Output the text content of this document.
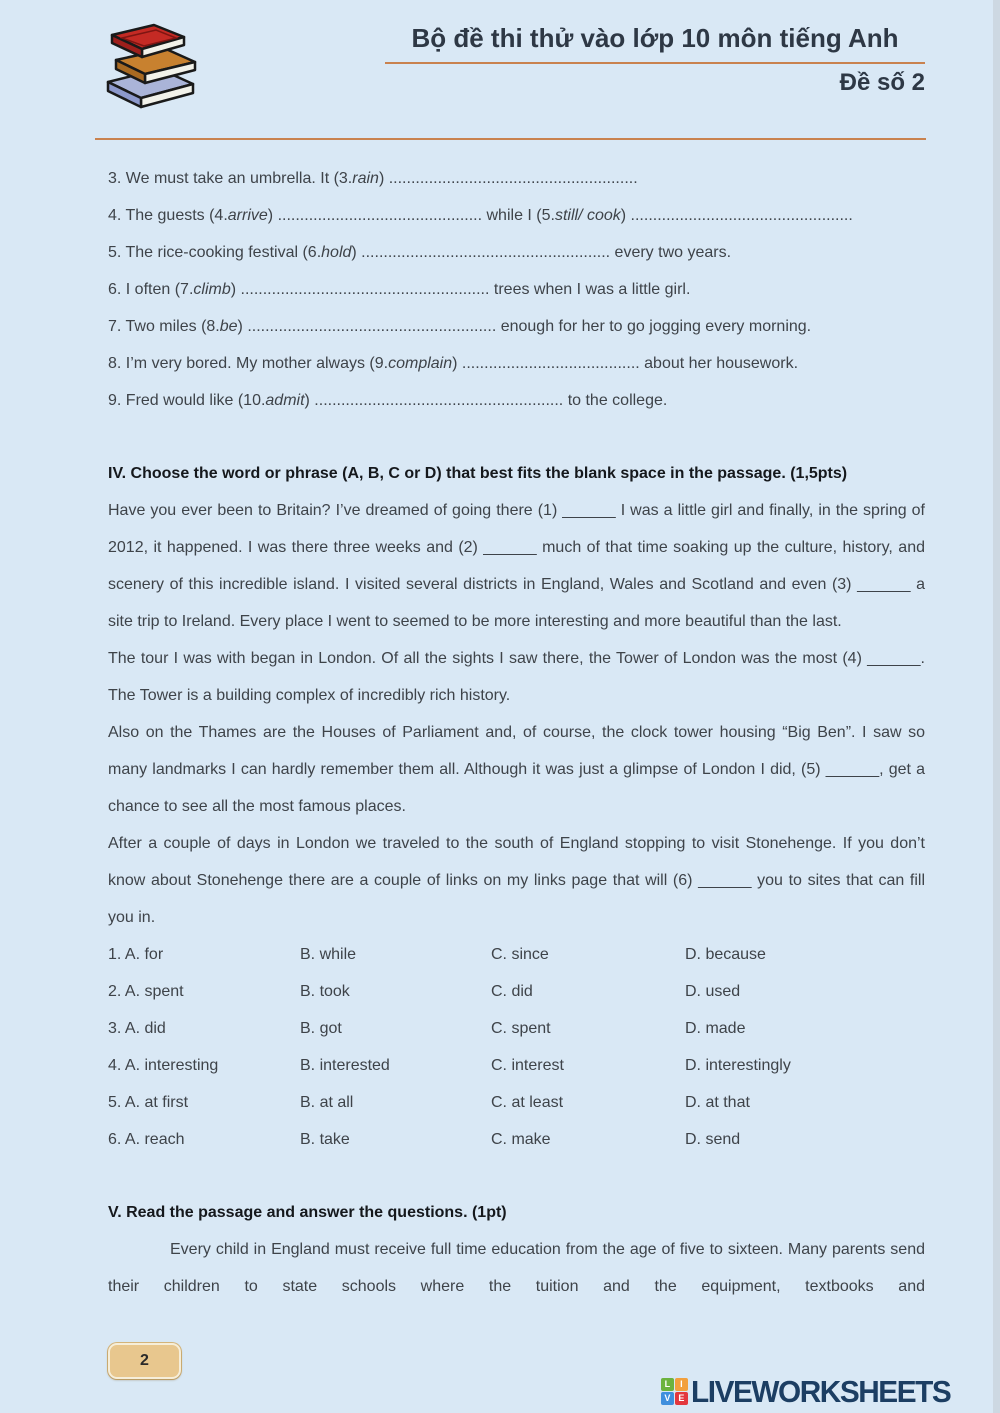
Bộ đề thi thử vào lớp 10 môn tiếng Anh
Đề số 2

3. We must take an umbrella. It (3.rain) ........................................................

4. The guests (4.arrive) .............................................. while I (5.still/ cook) ..................................................

5. The rice-cooking festival (6.hold) ........................................................ every two years.

6. I often (7.climb) ........................................................ trees when I was a little girl.

7. Two miles (8.be) ........................................................ enough for her to go jogging every morning.

8. I’m very bored. My mother always (9.complain) ........................................ about her housework.

9. Fred would like (10.admit) ........................................................ to the college.

IV. Choose the word or phrase (A, B, C or D) that best fits the blank space in the passage. (1,5pts)

Have you ever been to Britain? I’ve dreamed of going there (1) ______ I was a little girl and finally, in the spring of 2012, it happened. I was there three weeks and (2) ______ much of that time soaking up the culture, history, and scenery of this incredible island. I visited several districts in England, Wales and Scotland and even (3) ______ a site trip to Ireland. Every place I went to seemed to be more interesting and more beautiful than the last.

The tour I was with began in London. Of all the sights I saw there, the Tower of London was the most (4) ______. The Tower is a building complex of incredibly rich history.

Also on the Thames are the Houses of Parliament and, of course, the clock tower housing “Big Ben”. I saw so many landmarks I can hardly remember them all. Although it was just a glimpse of London I did, (5) ______, get a chance to see all the most famous places.

After a couple of days in London we traveled to the south of England stopping to visit Stonehenge. If you don’t know about Stonehenge there are a couple of links on my links page that will (6) ______ you to sites that can fill you in.

1. A. for	B. while	C. since	D. because
2. A. spent	B. took	C. did	D. used
3. A. did	B. got	C. spent	D. made
4. A. interesting	B. interested	C. interest	D. interestingly
5. A. at first	B. at all	C. at least	D. at that
6. A. reach	B. take	C. make	D. send
V. Read the passage and answer the questions. (1pt)

Every child in England must receive full time education from the age of five to sixteen. Many parents send their children to state schools where the tuition and the equipment, textbooks and

2
L	I
V E LIVEWORKSHEETS
